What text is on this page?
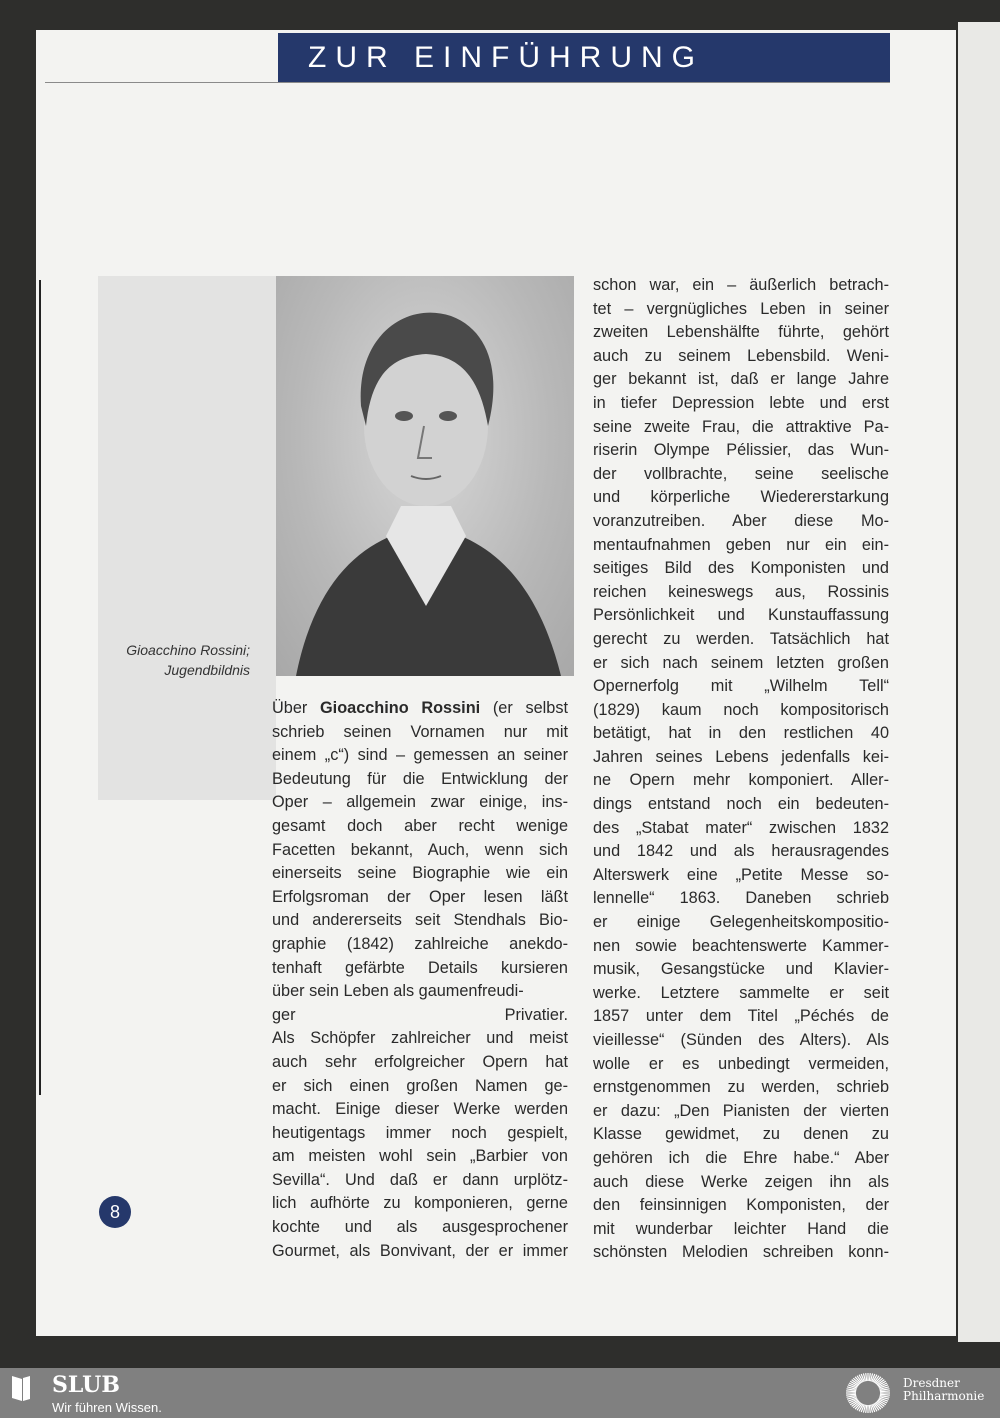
ZUR EINFÜHRUNG
Gioacchino Rossini;
Jugendbildnis
Über Gioacchino Rossini (er selbst
schrieb seinen Vornamen nur mit
einem „c“) sind – gemessen an seiner
Bedeutung für die Entwicklung der
Oper – allgemein zwar einige, ins-
gesamt doch aber recht wenige
Facetten bekannt, Auch, wenn sich
einerseits seine Biographie wie ein
Erfolgsroman der Oper lesen läßt
und andererseits seit Stendhals Bio-
graphie (1842) zahlreiche anekdo-
tenhaft gefärbte Details kursieren
über sein Leben als gaumenfreudi-
ger Privatier.
Als Schöpfer zahlreicher und meist
auch sehr erfolgreicher Opern hat
er sich einen großen Namen ge-
macht. Einige dieser Werke werden
heutigentags immer noch gespielt,
am meisten wohl sein „Barbier von
Sevilla“. Und daß er dann urplötz-
lich aufhörte zu komponieren, gerne
kochte und als ausgesprochener
Gourmet, als Bonvivant, der er immer
schon war, ein – äußerlich betrach-
tet – vergnügliches Leben in seiner
zweiten Lebenshälfte führte, gehört
auch zu seinem Lebensbild. Weni-
ger bekannt ist, daß er lange Jahre
in tiefer Depression lebte und erst
seine zweite Frau, die attraktive Pa-
riserin Olympe Pélissier, das Wun-
der vollbrachte, seine seelische
und körperliche Wiedererstarkung
voranzutreiben. Aber diese Mo-
mentaufnahmen geben nur ein ein-
seitiges Bild des Komponisten und
reichen keineswegs aus, Rossinis
Persönlichkeit und Kunstauffassung
gerecht zu werden. Tatsächlich hat
er sich nach seinem letzten großen
Opernerfolg mit „Wilhelm Tell“
(1829) kaum noch kompositorisch
betätigt, hat in den restlichen 40
Jahren seines Lebens jedenfalls kei-
ne Opern mehr komponiert. Aller-
dings entstand noch ein bedeuten-
des „Stabat mater“ zwischen 1832
und 1842 und als herausragendes
Alterswerk eine „Petite Messe so-
lennelle“ 1863. Daneben schrieb
er einige Gelegenheitskompositio-
nen sowie beachtenswerte Kammer-
musik, Gesangstücke und Klavier-
werke. Letztere sammelte er seit
1857 unter dem Titel „Péchés de
vieillesse“ (Sünden des Alters). Als
wolle er es unbedingt vermeiden,
ernstgenommen zu werden, schrieb
er dazu: „Den Pianisten der vierten
Klasse gewidmet, zu denen zu
gehören ich die Ehre habe.“ Aber
auch diese Werke zeigen ihn als
den feinsinnigen Komponisten, der
mit wunderbar leichter Hand die
schönsten Melodien schreiben konn-
8
SLUB
Wir führen Wissen.
Dresdner
Philharmonie
